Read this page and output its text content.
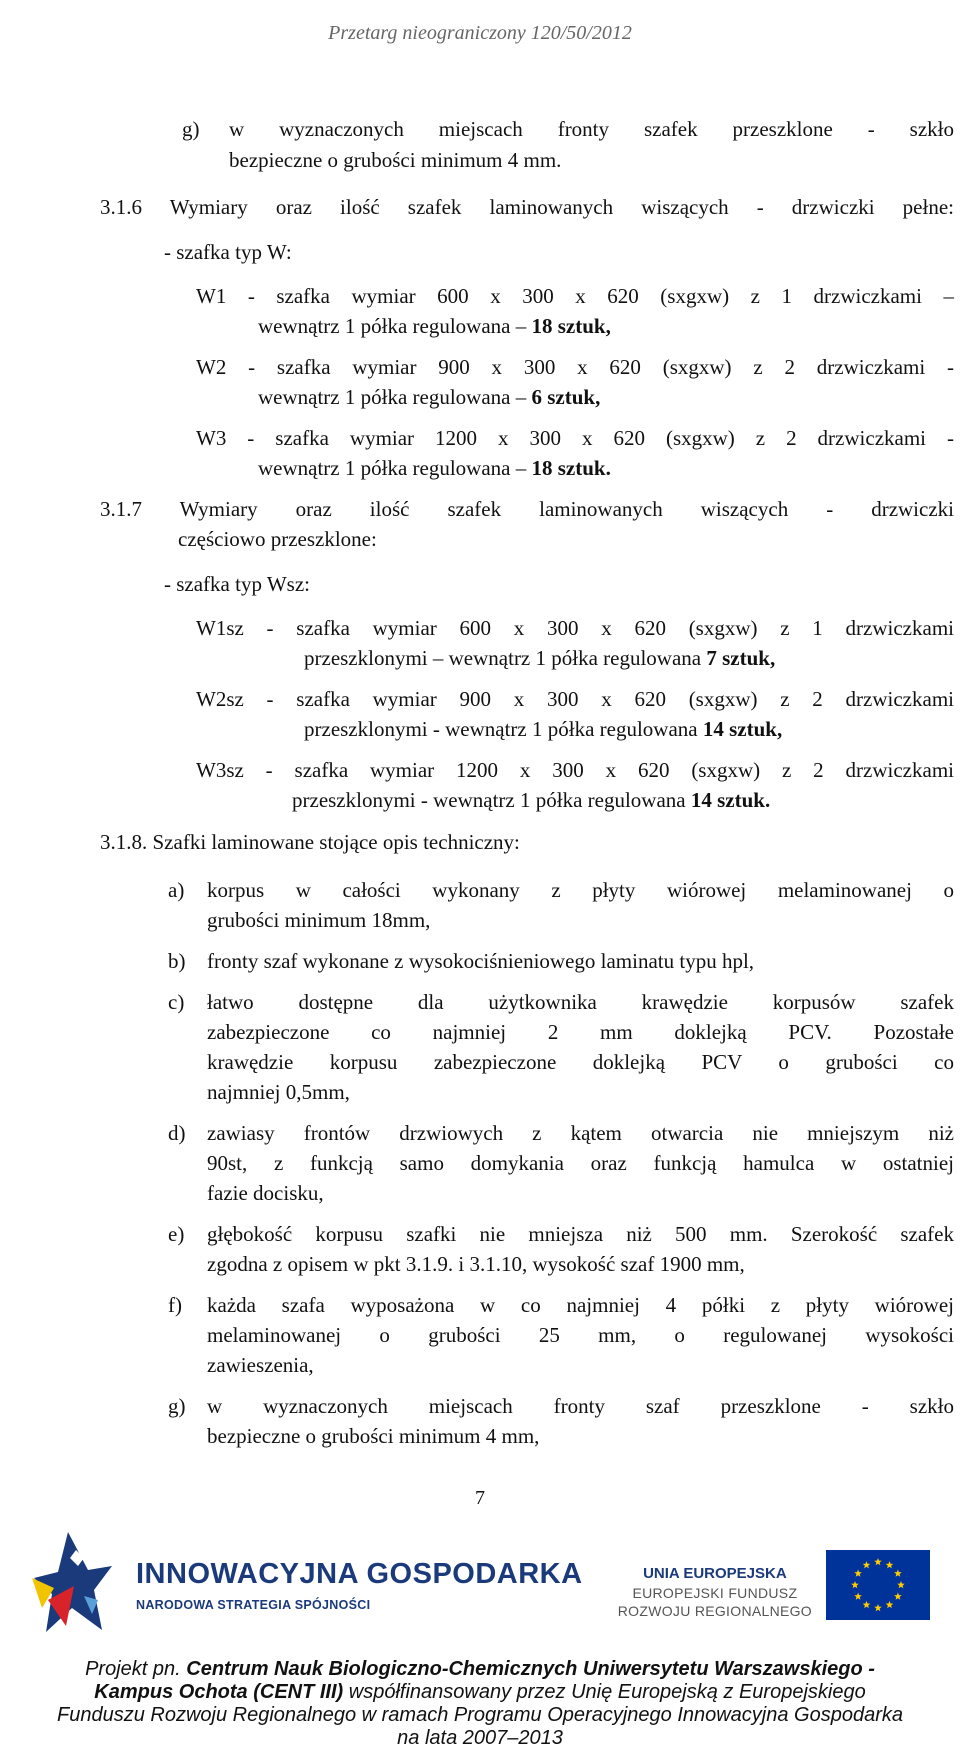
Przetarg nieograniczony 120/50/2012
g) w wyznaczonych miejscach fronty szafek przeszklone - szkło
bezpieczne o grubości minimum 4 mm.
3.1.6 Wymiary oraz ilość szafek laminowanych wiszących - drzwiczki pełne:
- szafka typ W:
W1 - szafka wymiar 600 x 300 x 620 (sxgxw) z 1 drzwiczkami –
wewnątrz 1 półka regulowana – 18 sztuk,
W2 - szafka wymiar 900 x 300 x 620 (sxgxw) z 2 drzwiczkami -
wewnątrz 1 półka regulowana – 6 sztuk,
W3 - szafka wymiar 1200 x 300 x 620 (sxgxw) z 2 drzwiczkami -
wewnątrz 1 półka regulowana – 18 sztuk.
3.1.7 Wymiary oraz ilość szafek laminowanych wiszących - drzwiczki
częściowo przeszklone:
- szafka typ Wsz:
W1sz - szafka wymiar 600 x 300 x 620 (sxgxw) z 1 drzwiczkami
przeszklonymi – wewnątrz 1 półka regulowana 7 sztuk,
W2sz - szafka wymiar 900 x 300 x 620 (sxgxw) z 2 drzwiczkami
przeszklonymi - wewnątrz 1 półka regulowana 14 sztuk,
W3sz - szafka wymiar 1200 x 300 x 620 (sxgxw) z 2 drzwiczkami
przeszklonymi - wewnątrz 1 półka regulowana 14 sztuk.
3.1.8. Szafki laminowane stojące opis techniczny:
a) korpus w całości wykonany z płyty wiórowej melaminowanej o
grubości minimum 18mm,
b) fronty szaf wykonane z wysokociśnieniowego laminatu typu hpl,
c) łatwo dostępne dla użytkownika krawędzie korpusów szafek
zabezpieczone co najmniej 2 mm doklejką PCV. Pozostałe
krawędzie korpusu zabezpieczone doklejką PCV o grubości co
najmniej 0,5mm,
d) zawiasy frontów drzwiowych z kątem otwarcia nie mniejszym niż
90st, z funkcją samo domykania oraz funkcją hamulca w ostatniej
fazie docisku,
e) głębokość korpusu szafki nie mniejsza niż 500 mm. Szerokość szafek
zgodna z opisem w pkt 3.1.9. i 3.1.10, wysokość szaf 1900 mm,
f) każda szafa wyposażona w co najmniej 4 półki z płyty wiórowej
melaminowanej o grubości 25 mm, o regulowanej wysokości
zawieszenia,
g) w wyznaczonych miejscach fronty szaf przeszklone - szkło
bezpieczne o grubości minimum 4 mm,
7
INNOWACYJNA GOSPODARKA
NARODOWA STRATEGIA SPÓJNOŚCI
UNIA EUROPEJSKA
EUROPEJSKI FUNDUSZ
ROZWOJU REGIONALNEGO
Projekt pn. Centrum Nauk Biologiczno-Chemicznych Uniwersytetu Warszawskiego -
Kampus Ochota (CENT III) współfinansowany przez Unię Europejską z Europejskiego
Funduszu Rozwoju Regionalnego w ramach Programu Operacyjnego Innowacyjna Gospodarka
na lata 2007–2013
